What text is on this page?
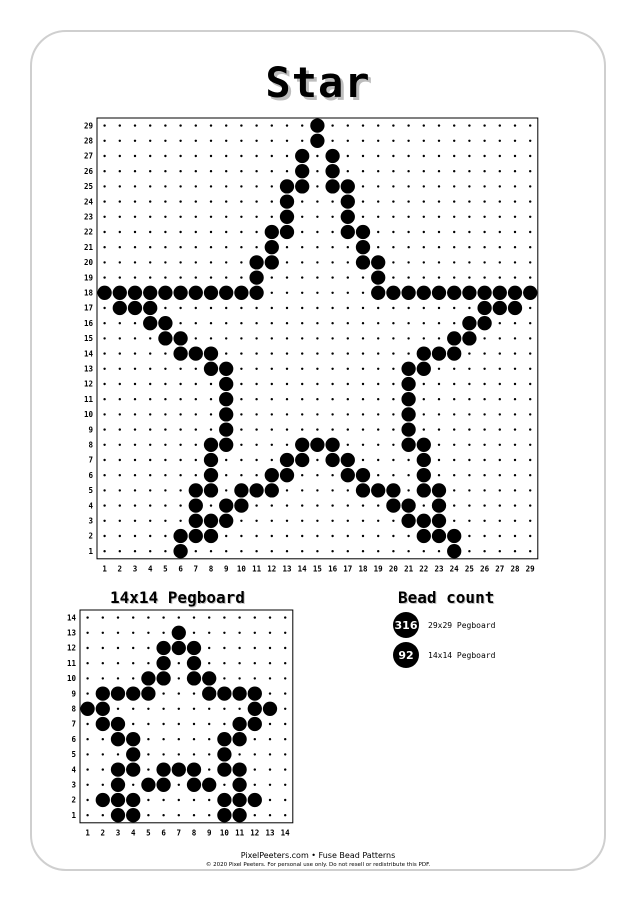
Star
29
28
27
26
25
24
23
22
21
20
19
18
17
16
15
14
13
12
11
10
9
8
7
6
5
4
3
2
1
1 2 3 4 5 6 7 8 9 10 11 12 13 14 15 16 17 18 19 20 21 22 23 24 25 26 27 28 29
14x14 Pegboard
14
13
12
11
10
9
8
7
6
5
4
3
2
1
1 2 3 4 5 6 7 8 9 10 11 12 13 14
Bead count
316 29x29 Pegboard
92	14x14 Pegboard
PixelPeeters.com • Fuse Bead Patterns
© 2020 Pixel Peeters. For personal use only. Do not resell or redistribute this PDF.
